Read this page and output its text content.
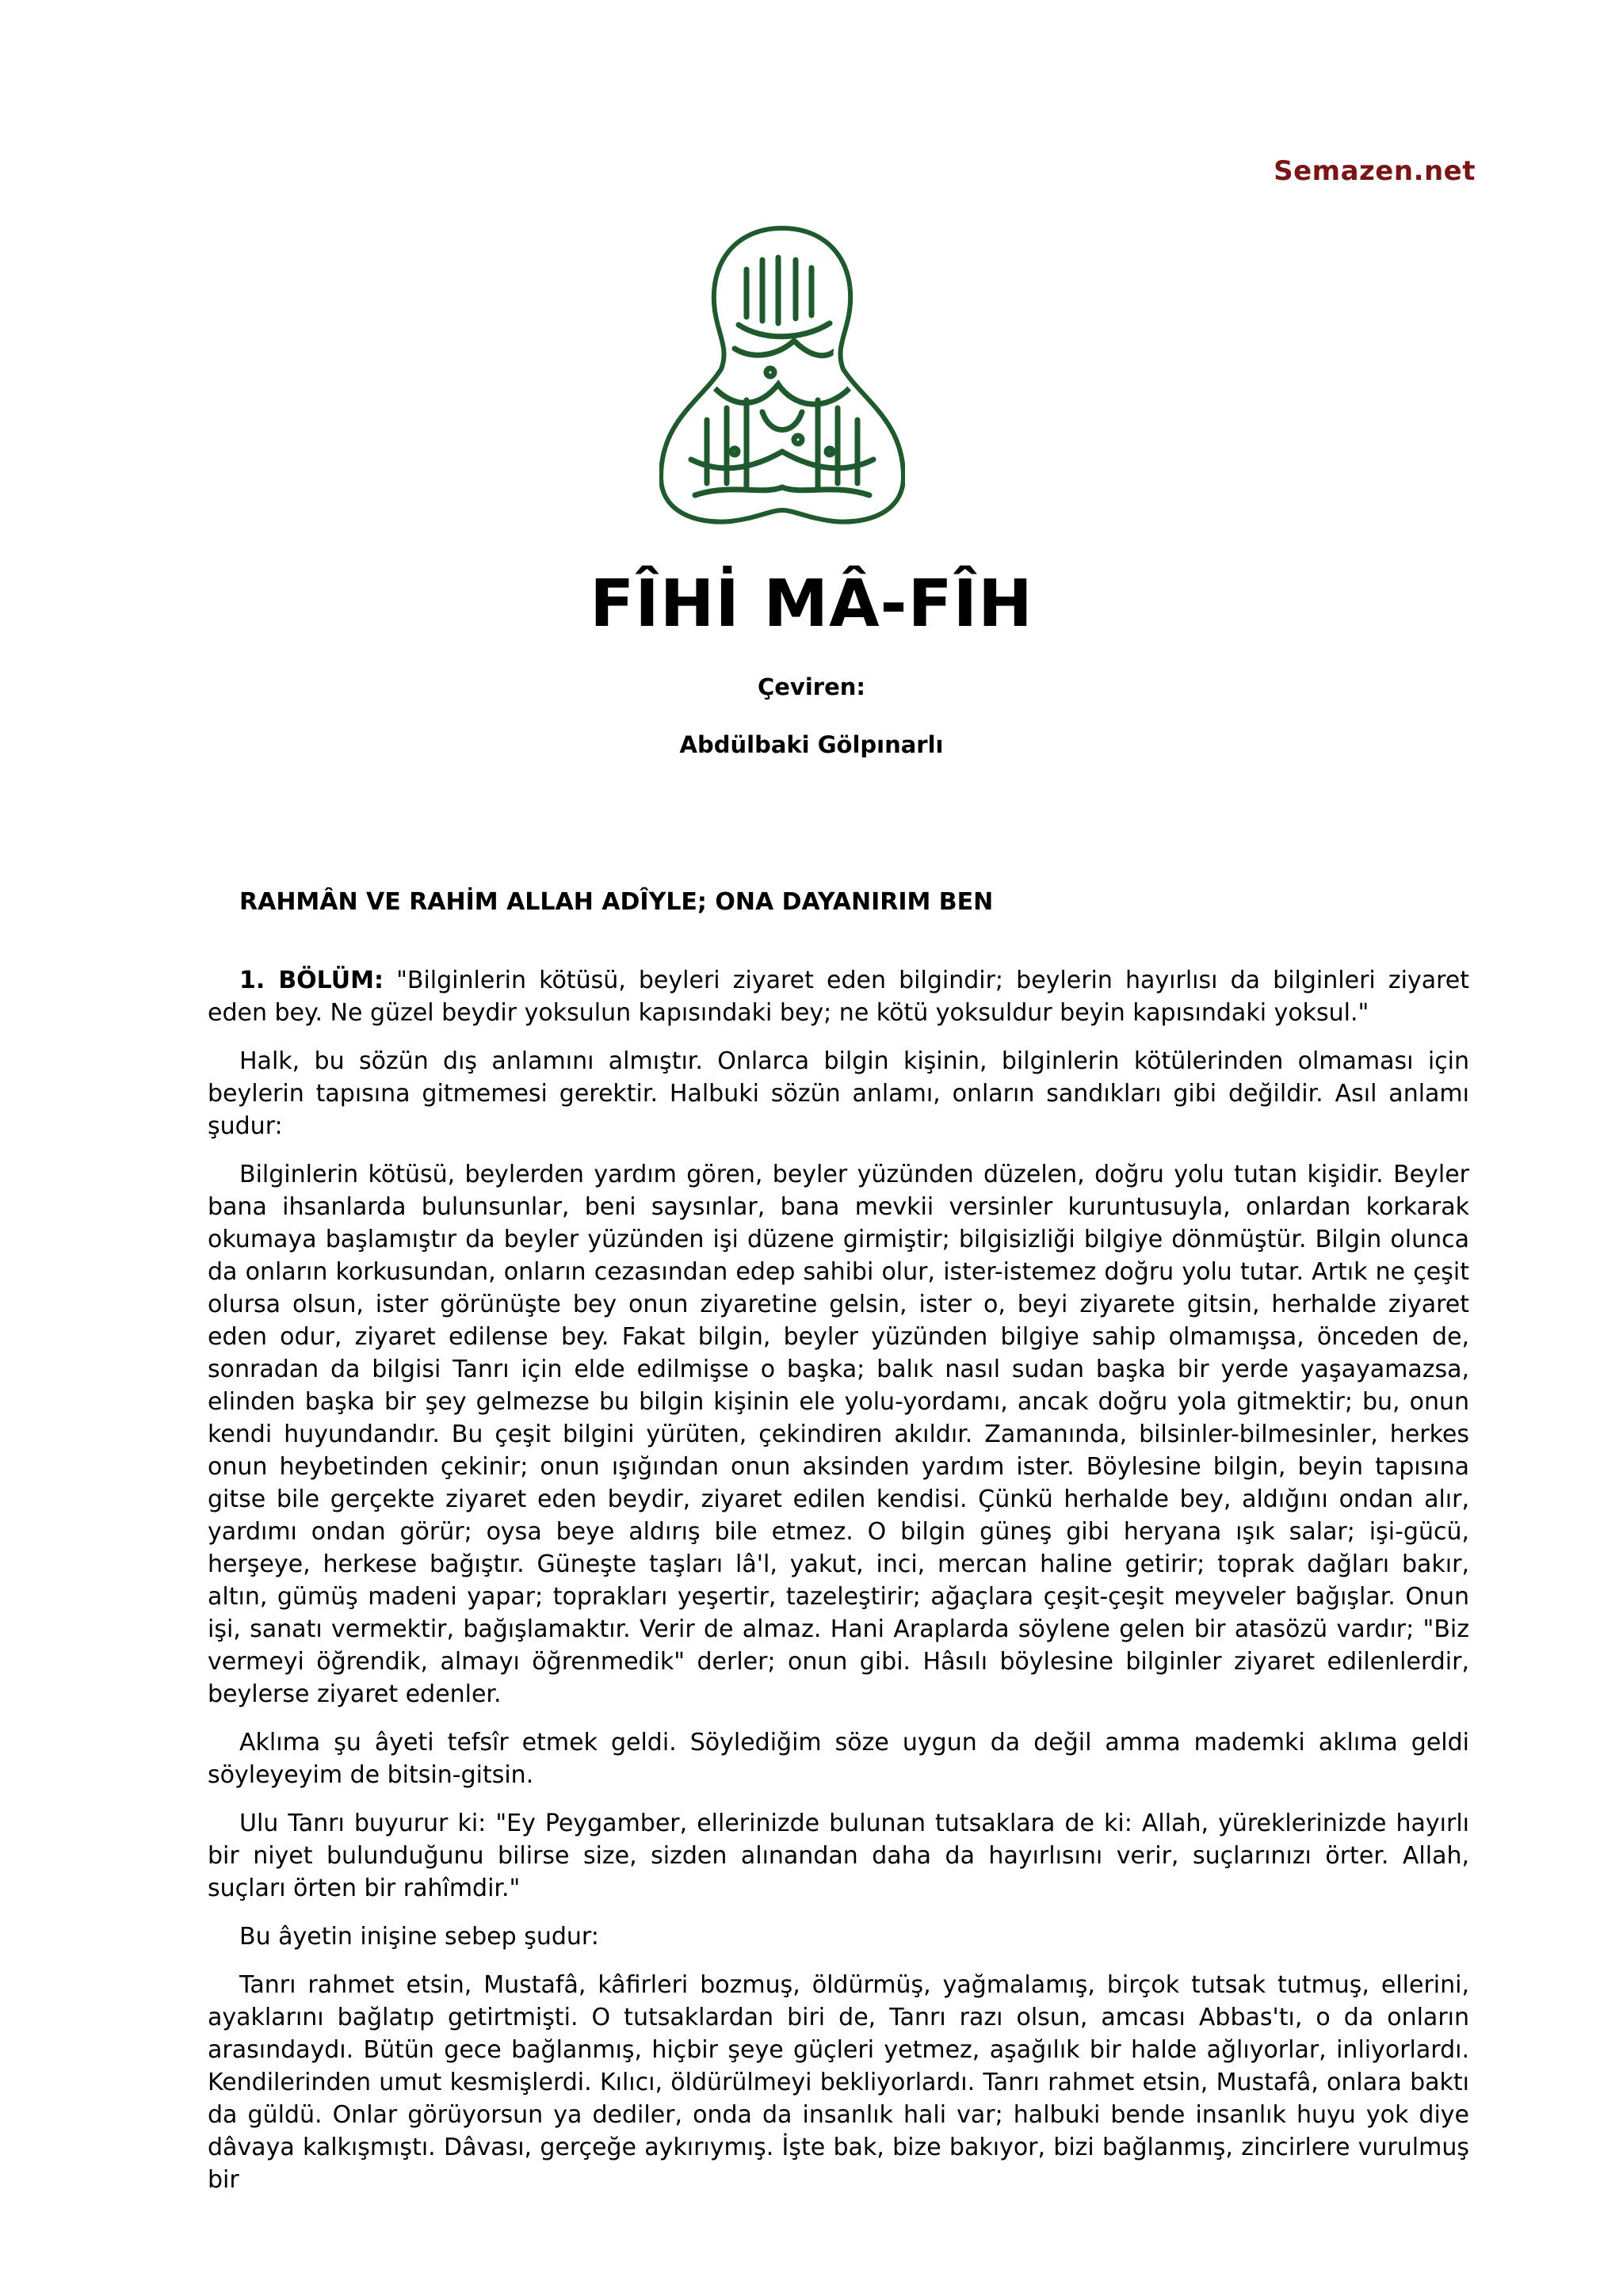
Semazen.net
FÎHİ MÂ-FÎH
Çeviren:
Abdülbaki Gölpınarlı
RAHMÂN VE RAHİM ALLAH ADÎYLE; ONA DAYANIRIM BEN

1. BÖLÜM: "Bilginlerin kötüsü, beyleri ziyaret eden bilgindir; beylerin hayırlısı da bilginleri ziyaret eden bey. Ne güzel beydir yoksulun kapısındaki bey; ne kötü yoksuldur beyin kapısındaki yoksul."

Halk, bu sözün dış anlamını almıştır. Onlarca bilgin kişinin, bilginlerin kötülerinden olmaması için beylerin tapısına gitmemesi gerektir. Halbuki sözün anlamı, onların sandıkları gibi değildir. Asıl anlamı şudur:

Bilginlerin kötüsü, beylerden yardım gören, beyler yüzünden düzelen, doğru yolu tutan kişidir. Beyler bana ihsanlarda bulunsunlar, beni saysınlar, bana mevkii versinler kuruntusuyla, onlardan korkarak okumaya başlamıştır da beyler yüzünden işi düzene girmiştir; bilgisizliği bilgiye dönmüştür. Bilgin olunca da onların korkusundan, onların cezasından edep sahibi olur, ister-istemez doğru yolu tutar. Artık ne çeşit olursa olsun, ister görünüşte bey onun ziyaretine gelsin, ister o, beyi ziyarete gitsin, herhalde ziyaret eden odur, ziyaret edilense bey. Fakat bilgin, beyler yüzünden bilgiye sahip olmamışsa, önceden de, sonradan da bilgisi Tanrı için elde edilmişse o başka; balık nasıl sudan başka bir yerde yaşayamazsa, elinden başka bir şey gelmezse bu bilgin kişinin ele yolu-yordamı, ancak doğru yola gitmektir; bu, onun kendi huyundandır. Bu çeşit bilgini yürüten, çekindiren akıldır. Zamanında, bilsinler-bilmesinler, herkes onun heybetinden çekinir; onun ışığından onun aksinden yardım ister. Böylesine bilgin, beyin tapısına gitse bile gerçekte ziyaret eden beydir, ziyaret edilen kendisi. Çünkü herhalde bey, aldığını ondan alır, yardımı ondan görür; oysa beye aldırış bile etmez. O bilgin güneş gibi heryana ışık salar; işi-gücü, herşeye, herkese bağıştır. Güneşte taşları lâ'l, yakut, inci, mercan haline getirir; toprak dağları bakır, altın, gümüş madeni yapar; toprakları yeşertir, tazeleştirir; ağaçlara çeşit-çeşit meyveler bağışlar. Onun işi, sanatı vermektir, bağışlamaktır. Verir de almaz. Hani Araplarda söylene gelen bir atasözü vardır; "Biz vermeyi öğrendik, almayı öğrenmedik" derler; onun gibi. Hâsılı böylesine bilginler ziyaret edilenlerdir, beylerse ziyaret edenler.

Aklıma şu âyeti tefsîr etmek geldi. Söylediğim söze uygun da değil amma mademki aklıma geldi söyleyeyim de bitsin-gitsin.

Ulu Tanrı buyurur ki: "Ey Peygamber, ellerinizde bulunan tutsaklara de ki: Allah, yüreklerinizde hayırlı bir niyet bulunduğunu bilirse size, sizden alınandan daha da hayırlısını verir, suçlarınızı örter. Allah, suçları örten bir rahîmdir."

Bu âyetin inişine sebep şudur:

Tanrı rahmet etsin, Mustafâ, kâfirleri bozmuş, öldürmüş, yağmalamış, birçok tutsak tutmuş, ellerini, ayaklarını bağlatıp getirtmişti. O tutsaklardan biri de, Tanrı razı olsun, amcası Abbas'tı, o da onların arasındaydı. Bütün gece bağlanmış, hiçbir şeye güçleri yetmez, aşağılık bir halde ağlıyorlar, inliyorlardı. Kendilerinden umut kesmişlerdi. Kılıcı, öldürülmeyi bekliyorlardı. Tanrı rahmet etsin, Mustafâ, onlara baktı da güldü. Onlar görüyorsun ya dediler, onda da insanlık hali var; halbuki bende insanlık huyu yok diye dâvaya kalkışmıştı. Dâvası, gerçeğe aykırıymış. İşte bak, bize bakıyor, bizi bağlanmış, zincirlere vurulmuş bir
